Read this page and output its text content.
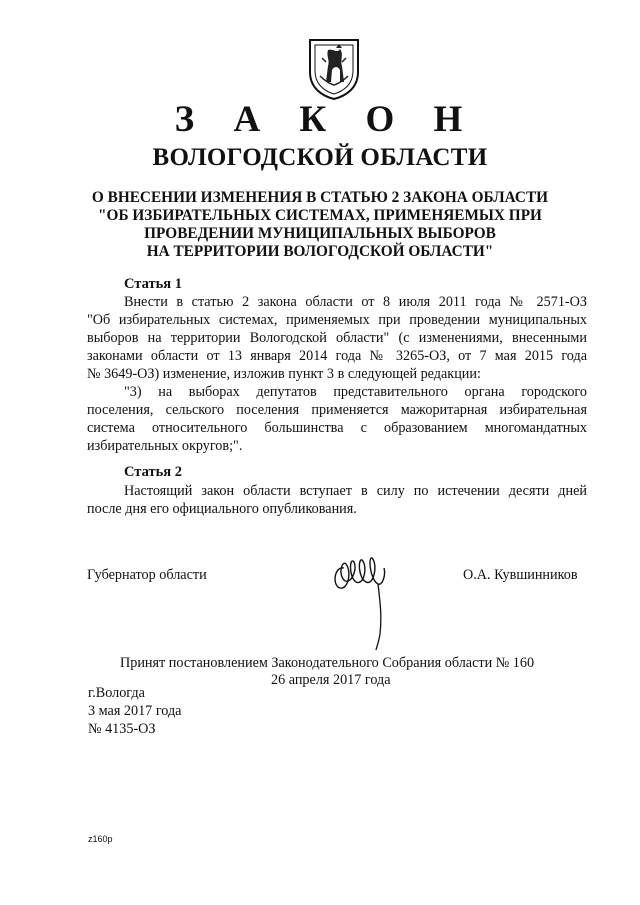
З А К О Н
ВОЛОГОДСКОЙ ОБЛАСТИ
О ВНЕСЕНИИ ИЗМЕНЕНИЯ В СТАТЬЮ 2 ЗАКОНА ОБЛАСТИ
"ОБ ИЗБИРАТЕЛЬНЫХ СИСТЕМАХ, ПРИМЕНЯЕМЫХ ПРИ
ПРОВЕДЕНИИ МУНИЦИПАЛЬНЫХ ВЫБОРОВ
НА ТЕРРИТОРИИ ВОЛОГОДСКОЙ ОБЛАСТИ"
Статья 1
Внести в статью 2 закона области от 8 июля 2011 года № 2571-ОЗ
"Об избирательных системах, применяемых при проведении муниципальных
выборов на территории Вологодской области" (с изменениями, внесенными
законами области от 13 января 2014 года № 3265-ОЗ, от 7 мая 2015 года
№ 3649-ОЗ) изменение, изложив пункт 3 в следующей редакции:
"3) на выборах депутатов представительного органа городского
поселения, сельского поселения применяется мажоритарная избирательная
система относительного большинства с образованием многомандатных
избирательных округов;".
Статья 2
Настоящий закон области вступает в силу по истечении десяти дней
после дня его официального опубликования.
Губернатор области	О.А. Кувшинников
Принят постановлением Законодательного Собрания области № 160
26 апреля 2017 года
г.Вологда
3 мая 2017 года
№ 4135-ОЗ
z160р
